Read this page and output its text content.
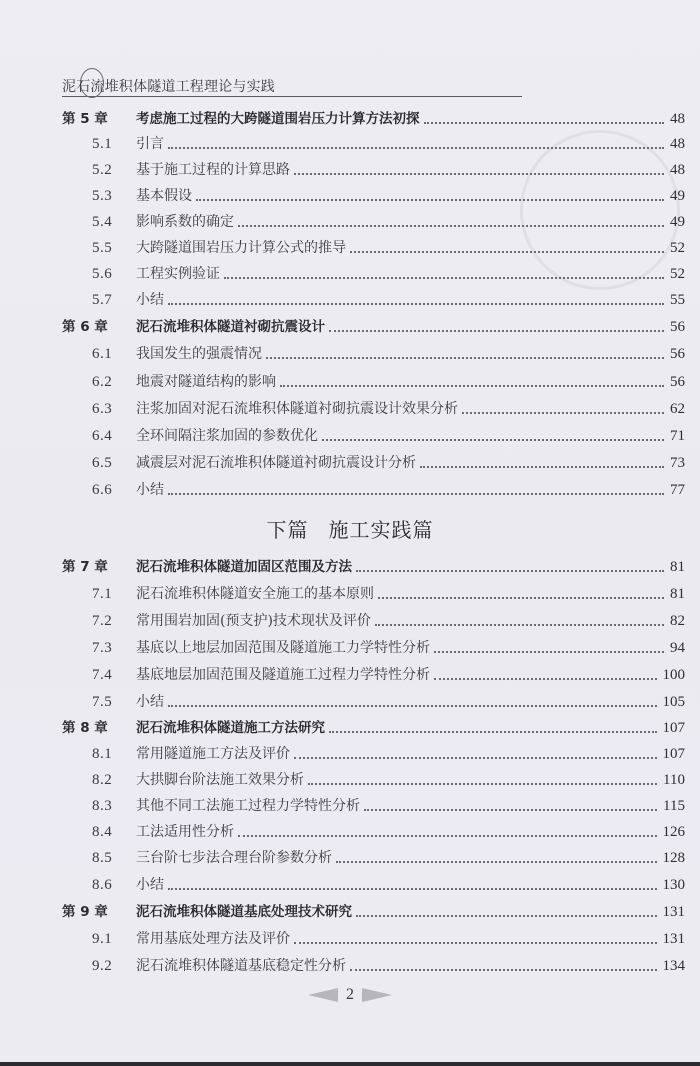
泥石流堆积体隧道工程理论与实践
第 5 章	考虑施工过程的大跨隧道围岩压力计算方法初探	48
5.1	引言	48
5.2	基于施工过程的计算思路	48
5.3	基本假设	49
5.4	影响系数的确定	49
5.5	大跨隧道围岩压力计算公式的推导	52
5.6	工程实例验证	52
5.7	小结	55
第 6 章	泥石流堆积体隧道衬砌抗震设计	56
6.1	我国发生的强震情况	56
6.2	地震对隧道结构的影响	56
6.3	注浆加固对泥石流堆积体隧道衬砌抗震设计效果分析	62
6.4	全环间隔注浆加固的参数优化	71
6.5	减震层对泥石流堆积体隧道衬砌抗震设计分析	73
6.6	小结	77
第 7 章	泥石流堆积体隧道加固区范围及方法	81
7.1	泥石流堆积体隧道安全施工的基本原则	81
7.2	常用围岩加固(预支护)技术现状及评价	82
7.3	基底以上地层加固范围及隧道施工力学特性分析	94
7.4	基底地层加固范围及隧道施工过程力学特性分析	100
7.5	小结	105
第 8 章	泥石流堆积体隧道施工方法研究	107
8.1	常用隧道施工方法及评价	107
8.2	大拱脚台阶法施工效果分析	110
8.3	其他不同工法施工过程力学特性分析	115
8.4	工法适用性分析	126
8.5	三台阶七步法合理台阶参数分析	128
8.6	小结	130
第 9 章	泥石流堆积体隧道基底处理技术研究	131
9.1	常用基底处理方法及评价	131
9.2	泥石流堆积体隧道基底稳定性分析	134
下篇 施工实践篇
2
